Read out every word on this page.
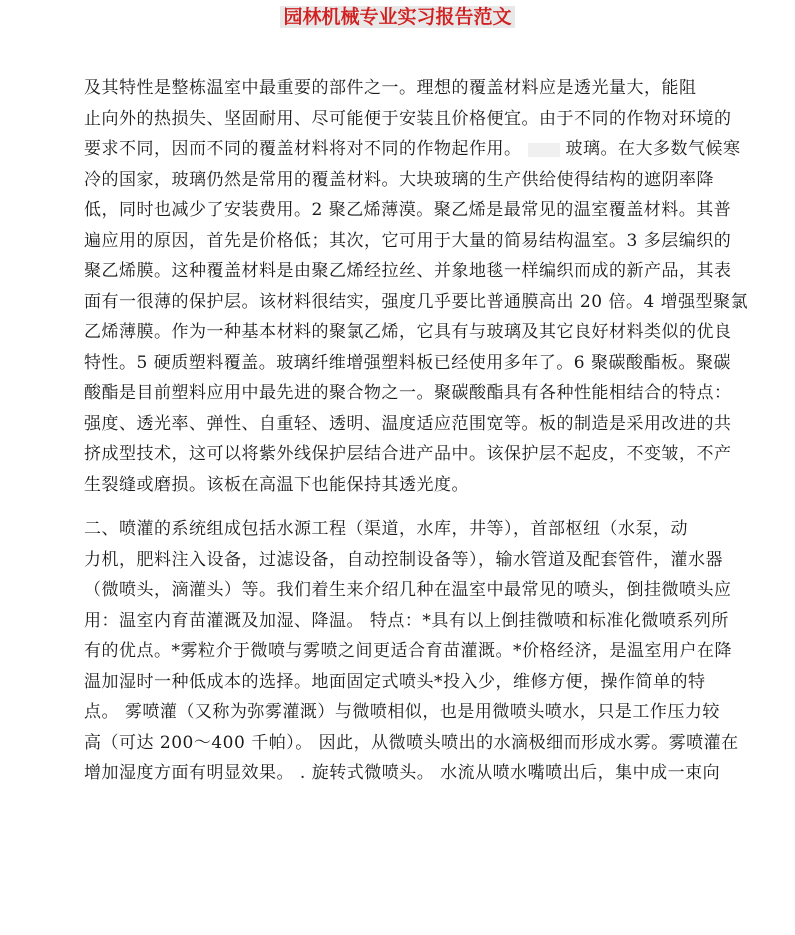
园林机械专业实习报告范文

及其特性是整栋温室中最重要的部件之一。理想的覆盖材料应是透光量大，能阻
止向外的热损失、坚固耐用、尽可能便于安装且价格便宜。由于不同的作物对环境的
要求不同，因而不同的覆盖材料将对不同的作物起作用。	玻璃。在大多数气候寒
冷的国家，玻璃仍然是常用的覆盖材料。大块玻璃的生产供给使得结构的遮阴率降
低，同时也减少了安装费用。2 聚乙烯薄漠。聚乙烯是最常见的温室覆盖材料。其普
遍应用的原因，首先是价格低；其次，它可用于大量的简易结构温室。3 多层编织的
聚乙烯膜。这种覆盖材料是由聚乙烯经拉丝、并象地毯一样编织而成的新产品，其表
面有一很薄的保护层。该材料很结实，强度几乎要比普通膜高出 20 倍。4 增强型聚氯
乙烯薄膜。作为一种基本材料的聚氯乙烯，它具有与玻璃及其它良好材料类似的优良
特性。5 硬质塑料覆盖。玻璃纤维增强塑料板已经使用多年了。6 聚碳酸酯板。聚碳
酸酯是目前塑料应用中最先进的聚合物之一。聚碳酸酯具有各种性能相结合的特点：
强度、透光率、弹性、自重轻、透明、温度适应范围宽等。板的制造是采用改进的共
挤成型技术，这可以将紫外线保护层结合进产品中。该保护层不起皮，不变皱，不产
生裂缝或磨损。该板在高温下也能保持其透光度。

二、喷灌的系统组成包括水源工程（渠道，水库，井等），首部枢纽（水泵，动
力机，肥料注入设备，过滤设备，自动控制设备等），输水管道及配套管件，灌水器
（微喷头，滴灌头）等。我们着生来介绍几种在温室中最常见的喷头，倒挂微喷头应
用：温室内育苗灌溉及加湿、降温。 特点：*具有以上倒挂微喷和标准化微喷系列所
有的优点。*雾粒介于微喷与雾喷之间更适合育苗灌溉。*价格经济，是温室用户在降
温加湿时一种低成本的选择。地面固定式喷头*投入少，维修方便，操作简单的特
点。 雾喷灌（又称为弥雾灌溉）与微喷相似，也是用微喷头喷水，只是工作压力较
高（可达 200～400 千帕）。 因此，从微喷头喷出的水滴极细而形成水雾。雾喷灌在
增加湿度方面有明显效果。 . 旋转式微喷头。 水流从喷水嘴喷出后，集中成一束向
